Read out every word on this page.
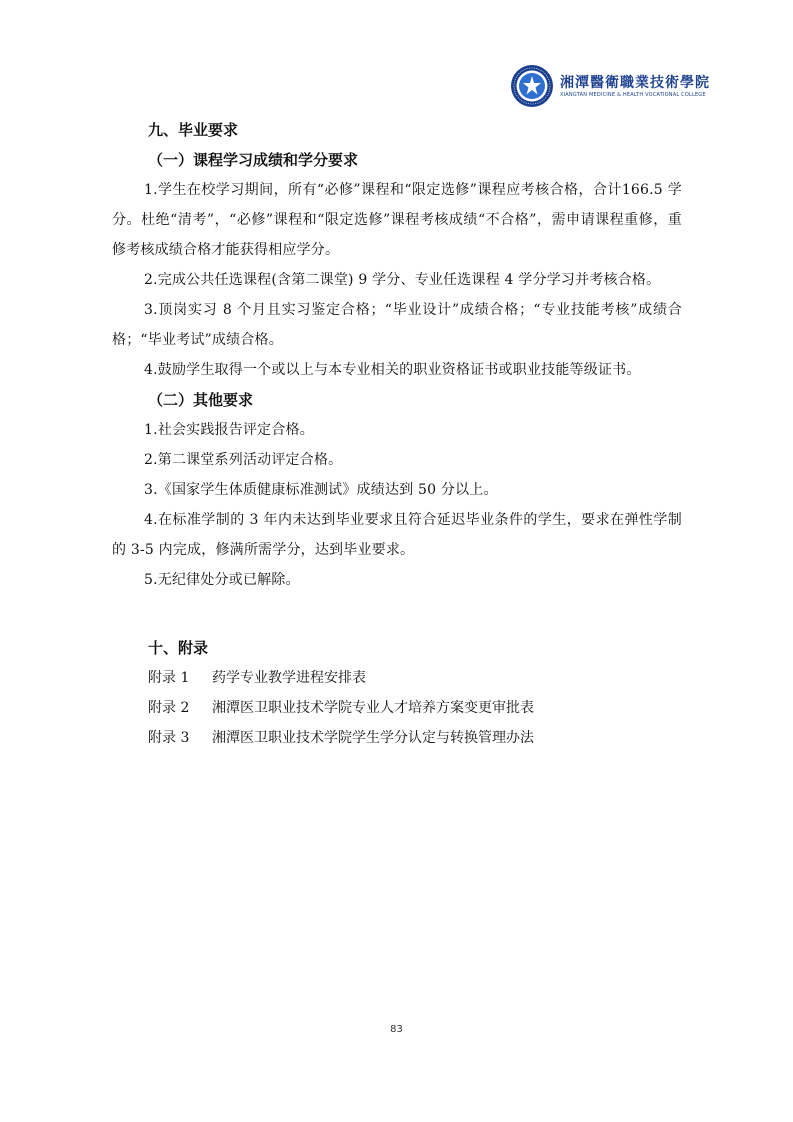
湘潭醫衛職業技術學院
XIANGTAN MEDICINE & HEALTH VOCATIONAL COLLEGE
九、毕业要求
（一）课程学习成绩和学分要求
1.学生在校学习期间，所有“必修”课程和“限定选修”课程应考核合格，合计166.5 学分。杜绝“清考”，“必修”课程和“限定选修”课程考核成绩“不合格”，需申请课程重修，重修考核成绩合格才能获得相应学分。
2.完成公共任选课程(含第二课堂) 9 学分、专业任选课程 4 学分学习并考核合格。
3.顶岗实习 8 个月且实习鉴定合格；“毕业设计”成绩合格；“专业技能考核”成绩合格；“毕业考试”成绩合格。
4.鼓励学生取得一个或以上与本专业相关的职业资格证书或职业技能等级证书。
（二）其他要求
1.社会实践报告评定合格。
2.第二课堂系列活动评定合格。
3.《国家学生体质健康标准测试》成绩达到 50 分以上。
4.在标准学制的 3 年内未达到毕业要求且符合延迟毕业条件的学生，要求在弹性学制的 3-5 内完成，修满所需学分，达到毕业要求。
5.无纪律处分或已解除。
十、附录
附录 1 药学专业教学进程安排表
附录 2 湘潭医卫职业技术学院专业人才培养方案变更审批表
附录 3 湘潭医卫职业技术学院学生学分认定与转换管理办法
83
